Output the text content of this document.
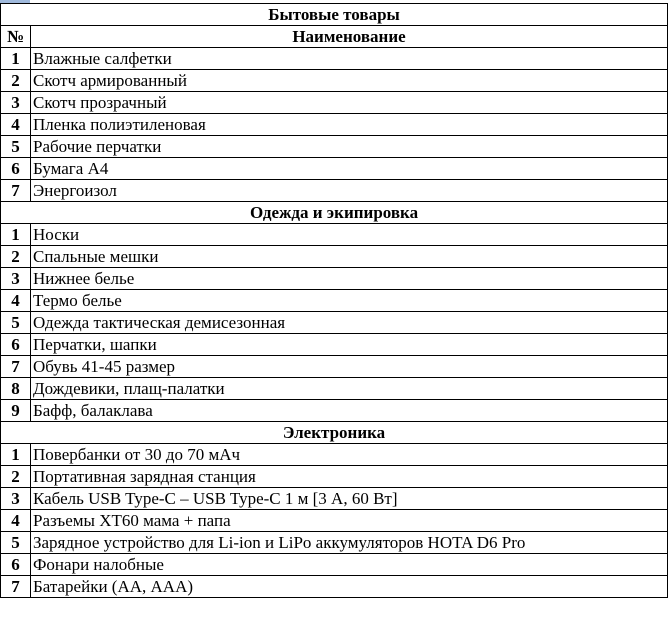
Бытовые товары	
№	Наименование
1	Влажные салфетки
2	Скотч армированный
3	Скотч прозрачный
4	Пленка полиэтиленовая
5	Рабочие перчатки
6	Бумага А4
7	Энергоизол
Одежда и экипировка	
1	Носки
2	Спальные мешки
3	Нижнее белье
4	Термо белье
5	Одежда тактическая демисезонная
6	Перчатки, шапки
7	Обувь 41-45 размер
8	Дождевики, плащ-палатки
9	Бафф, балаклава
Электроника	
1	Повербанки от 30 до 70 мАч
2	Портативная зарядная станция
3	Кабель USB Type-C – USB Type-C 1 м [3 А, 60 Вт]
4	Разъемы XT60 мама + папа
5	Зарядное устройство для Li-ion и LiPo аккумуляторов HOTA D6 Pro
6	Фонари налобные
7	Батарейки (АА, ААА)
